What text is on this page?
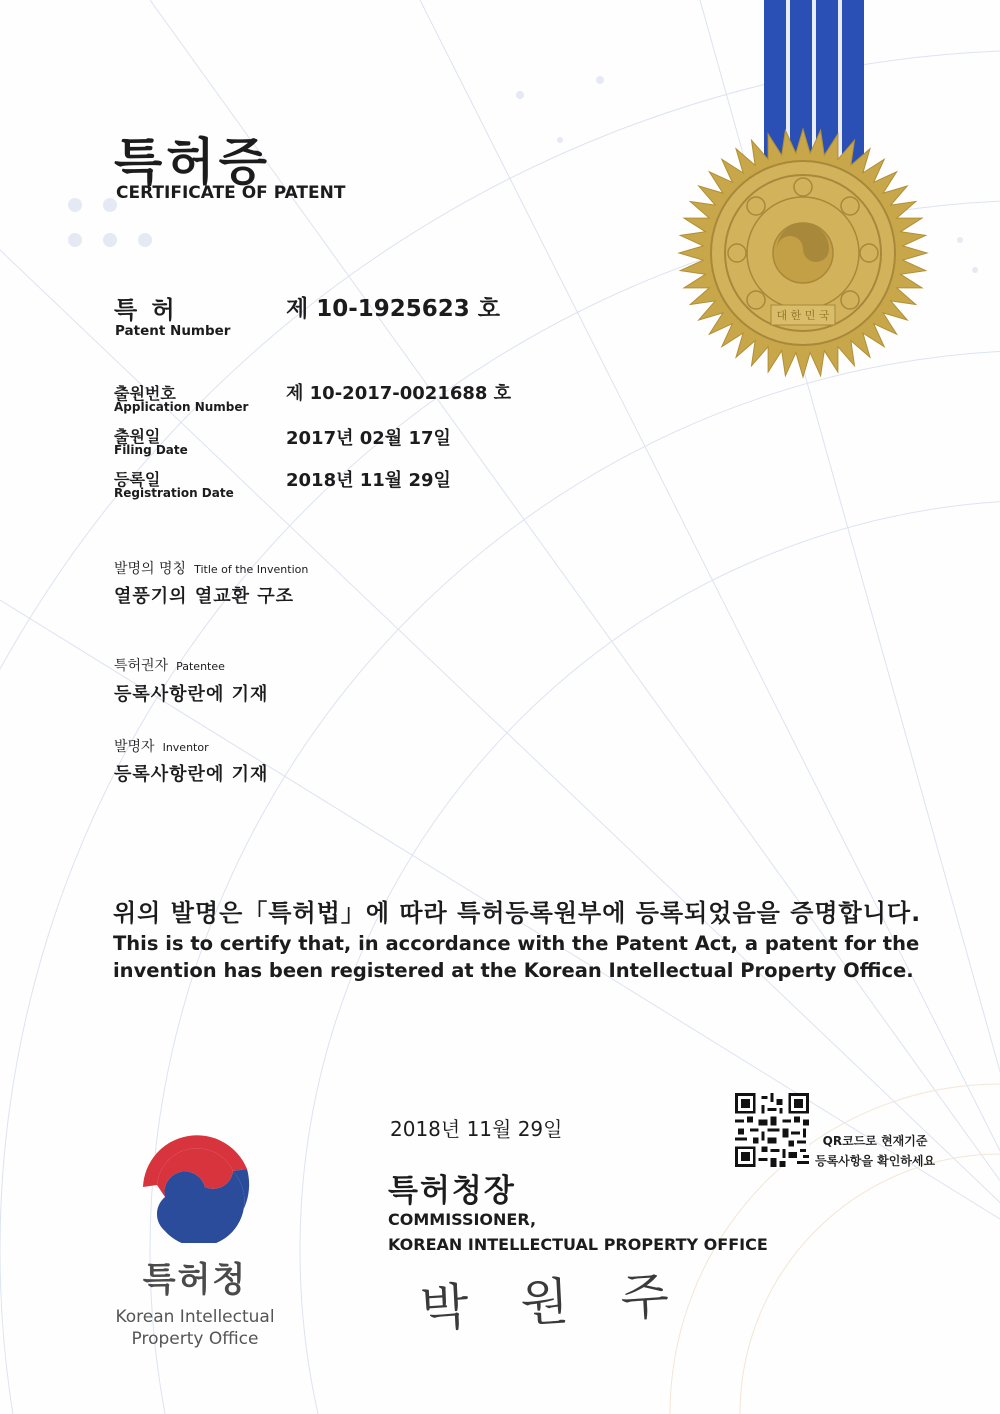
대 한 민 국
특허증
CERTIFICATE OF PATENT
특 허
Patent Number
제 10-1925623 호
출원번호
Application Number
제 10-2017-0021688 호
출원일
Filing Date
2017년 02월 17일
등록일
Registration Date
2018년 11월 29일
발명의 명칭 Title of the Invention
열풍기의 열교환 구조
특허권자 Patentee
등록사항란에 기재
발명자 Inventor
등록사항란에 기재
위의 발명은「특허법」에 따라 특허등록원부에 등록되었음을 증명합니다.
This is to certify that, in accordance with the Patent Act, a patent for the invention has been registered at the Korean Intellectual Property Office.
2018년 11월 29일	QR코드로 현재기준
등록사항을 확인하세요
특허청장
COMMISSIONER,
KOREAN INTELLECTUAL PROPERTY OFFICE
박 원 주
특허청
Korean Intellectual Property Office
